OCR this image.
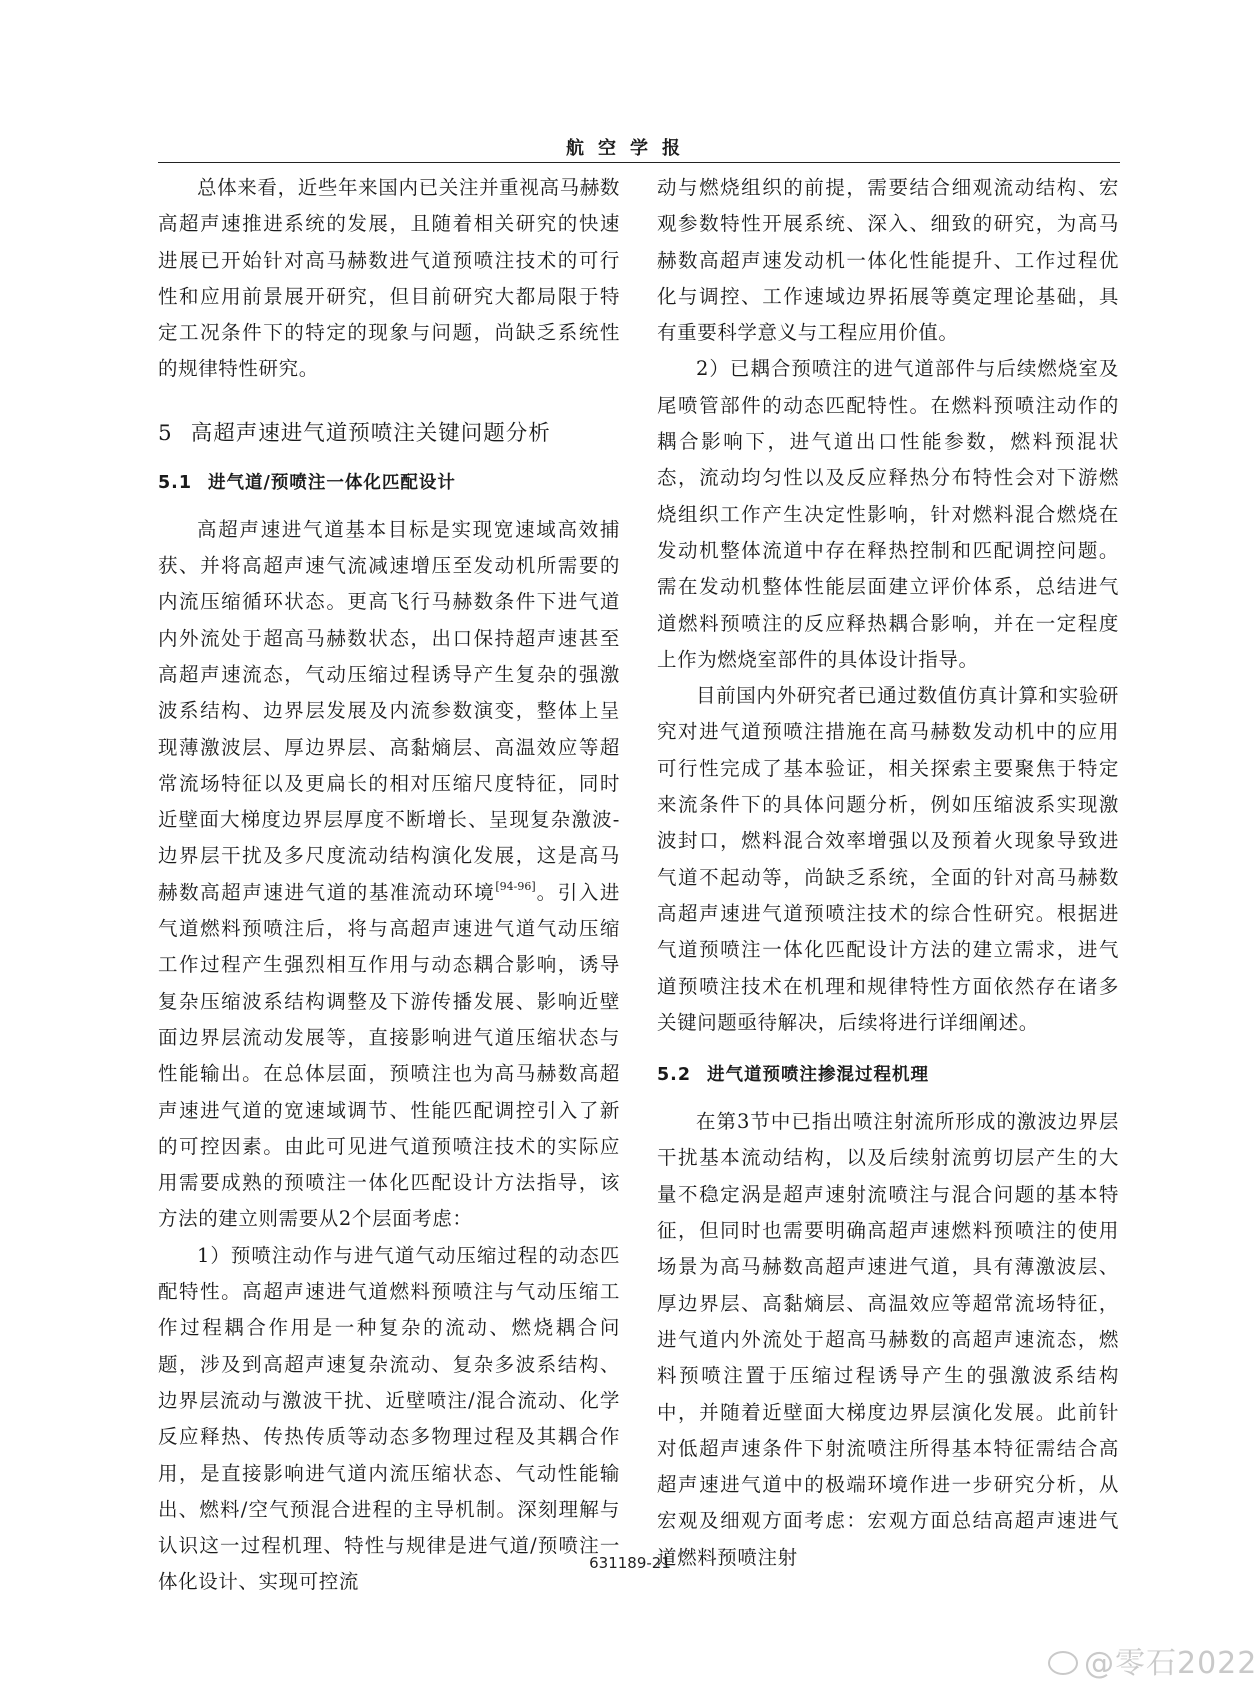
航空学报

总体来看，近些年来国内已关注并重视高马赫数高超声速推进系统的发展，且随着相关研究的快速进展已开始针对高马赫数进气道预喷注技术的可行性和应用前景展开研究，但目前研究大都局限于特定工况条件下的特定的现象与问题，尚缺乏系统性的规律特性研究。

5 高超声速进气道预喷注关键问题分析
5.1 进气道/预喷注一体化匹配设计

高超声速进气道基本目标是实现宽速域高效捕获、并将高超声速气流减速增压至发动机所需要的内流压缩循环状态。更高飞行马赫数条件下进气道内外流处于超高马赫数状态，出口保持超声速甚至高超声速流态，气动压缩过程诱导产生复杂的强激波系结构、边界层发展及内流参数演变，整体上呈现薄激波层、厚边界层、高黏熵层、高温效应等超常流场特征以及更扁长的相对压缩尺度特征，同时近壁面大梯度边界层厚度不断增长、呈现复杂激波-边界层干扰及多尺度流动结构演化发展，这是高马赫数高超声速进气道的基准流动环境[94-96]。引入进气道燃料预喷注后，将与高超声速进气道气动压缩工作过程产生强烈相互作用与动态耦合影响，诱导复杂压缩波系结构调整及下游传播发展、影响近壁面边界层流动发展等，直接影响进气道压缩状态与性能输出。在总体层面，预喷注也为高马赫数高超声速进气道的宽速域调节、性能匹配调控引入了新的可控因素。由此可见进气道预喷注技术的实际应用需要成熟的预喷注一体化匹配设计方法指导，该方法的建立则需要从2个层面考虑：

1）预喷注动作与进气道气动压缩过程的动态匹配特性。高超声速进气道燃料预喷注与气动压缩工作过程耦合作用是一种复杂的流动、燃烧耦合问题，涉及到高超声速复杂流动、复杂多波系结构、边界层流动与激波干扰、近壁喷注/混合流动、化学反应释热、传热传质等动态多物理过程及其耦合作用，是直接影响进气道内流压缩状态、气动性能输出、燃料/空气预混合进程的主导机制。深刻理解与认识这一过程机理、特性与规律是进气道/预喷注一体化设计、实现可控流

动与燃烧组织的前提，需要结合细观流动结构、宏观参数特性开展系统、深入、细致的研究，为高马赫数高超声速发动机一体化性能提升、工作过程优化与调控、工作速域边界拓展等奠定理论基础，具有重要科学意义与工程应用价值。

2）已耦合预喷注的进气道部件与后续燃烧室及尾喷管部件的动态匹配特性。在燃料预喷注动作的耦合影响下，进气道出口性能参数，燃料预混状态，流动均匀性以及反应释热分布特性会对下游燃烧组织工作产生决定性影响，针对燃料混合燃烧在发动机整体流道中存在释热控制和匹配调控问题。需在发动机整体性能层面建立评价体系，总结进气道燃料预喷注的反应释热耦合影响，并在一定程度上作为燃烧室部件的具体设计指导。

目前国内外研究者已通过数值仿真计算和实验研究对进气道预喷注措施在高马赫数发动机中的应用可行性完成了基本验证，相关探索主要聚焦于特定来流条件下的具体问题分析，例如压缩波系实现激波封口，燃料混合效率增强以及预着火现象导致进气道不起动等，尚缺乏系统，全面的针对高马赫数高超声速进气道预喷注技术的综合性研究。根据进气道预喷注一体化匹配设计方法的建立需求，进气道预喷注技术在机理和规律特性方面依然存在诸多关键问题亟待解决，后续将进行详细阐述。

5.2 进气道预喷注掺混过程机理

在第3节中已指出喷注射流所形成的激波边界层干扰基本流动结构，以及后续射流剪切层产生的大量不稳定涡是超声速射流喷注与混合问题的基本特征，但同时也需要明确高超声速燃料预喷注的使用场景为高马赫数高超声速进气道，具有薄激波层、厚边界层、高黏熵层、高温效应等超常流场特征，进气道内外流处于超高马赫数的高超声速流态，燃料预喷注置于压缩过程诱导产生的强激波系结构中，并随着近壁面大梯度边界层演化发展。此前针对低超声速条件下射流喷注所得基本特征需结合高超声速进气道中的极端环境作进一步研究分析，从宏观及细观方面考虑：宏观方面总结高超声速进气道燃料预喷注射

631189-21
@零石2022
